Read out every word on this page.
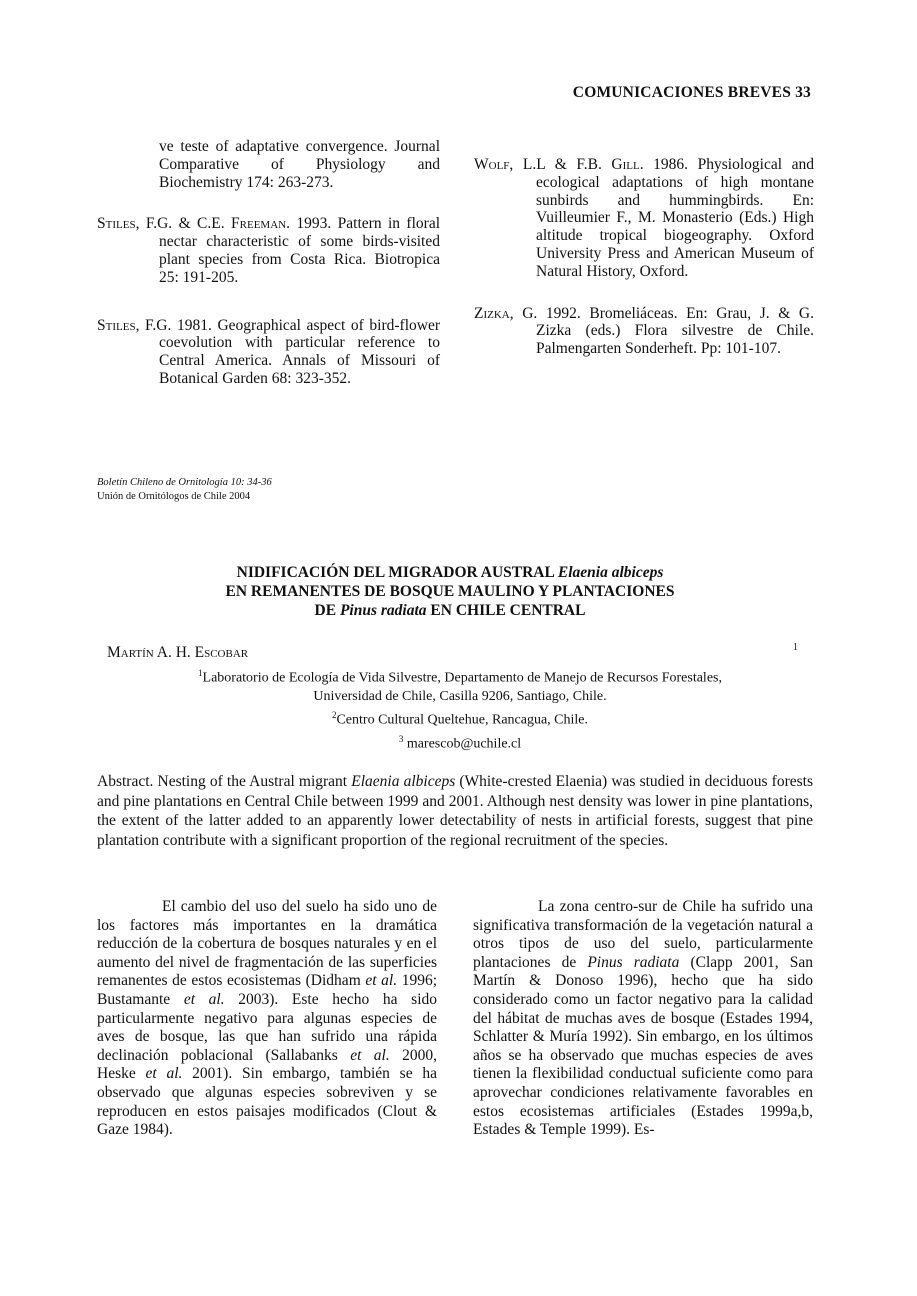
COMUNICACIONES BREVES 33
ve teste of adaptative convergence. Journal Comparative of Physiology and Biochemistry 174: 263-273.
Stiles, F.G. & C.E. Freeman. 1993. Pattern in floral nectar characteristic of some birds-visited plant species from Costa Rica. Biotropica 25: 191-205.
Stiles, F.G. 1981. Geographical aspect of bird-flower coevolution with particular reference to Central America. Annals of Missouri of Botanical Garden 68: 323-352.
Wolf, L.L & F.B. Gill. 1986. Physiological and ecological adaptations of high montane sunbirds and hummingbirds. En: Vuilleumier F., M. Monasterio (Eds.) High altitude tropical biogeography. Oxford University Press and American Museum of Natural History, Oxford.
Zizka, G. 1992. Bromeliáceas. En: Grau, J. & G. Zizka (eds.) Flora silvestre de Chile. Palmengarten Sonderheft. Pp: 101-107.
Boletín Chileno de Ornitología 10: 34-36
Unión de Ornitólogos de Chile 2004
NIDIFICACIÓN DEL MIGRADOR AUSTRAL Elaenia albiceps
EN REMANENTES DE BOSQUE MAULINO Y PLANTACIONES
DE Pinus radiata EN CHILE CENTRAL
Martín A. H. Escobar	1
$^1$Laboratorio de Ecología de Vida Silvestre, Departamento de Manejo de Recursos Forestales,
Universidad de Chile, Casilla 9206, Santiago, Chile.
$^2$Centro Cultural Queltehue, Rancagua, Chile.
$^3$ marescob@uchile.cl
Abstract. Nesting of the Austral migrant Elaenia albiceps (White-crested Elaenia) was studied in deciduous forests and pine plantations en Central Chile between 1999 and 2001. Although nest density was lower in pine plantations, the extent of the latter added to an apparently lower detectability of nests in artificial forests, suggest that pine plantation contribute with a significant proportion of the regional recruitment of the species.

El cambio del uso del suelo ha sido uno de los factores más importantes en la dramática reducción de la cobertura de bosques naturales y en el aumento del nivel de fragmentación de las superficies remanentes de estos ecosistemas (Didham et al. 1996; Bustamante et al. 2003). Este hecho ha sido particularmente negativo para algunas especies de aves de bosque, las que han sufrido una rápida declinación poblacional (Sallabanks et al. 2000, Heske et al. 2001). Sin embargo, también se ha observado que algunas especies sobreviven y se reproducen en estos paisajes modificados (Clout & Gaze 1984).

La zona centro-sur de Chile ha sufrido una significativa transformación de la vegetación natural a otros tipos de uso del suelo, particularmente plantaciones de Pinus radiata (Clapp 2001, San Martín & Donoso 1996), hecho que ha sido considerado como un factor negativo para la calidad del hábitat de muchas aves de bosque (Estades 1994, Schlatter & Muría 1992). Sin embargo, en los últimos años se ha observado que muchas especies de aves tienen la flexibilidad conductual suficiente como para aprovechar condiciones relativamente favorables en estos ecosistemas artificiales (Estades 1999a,b, Estades & Temple 1999). Es-
